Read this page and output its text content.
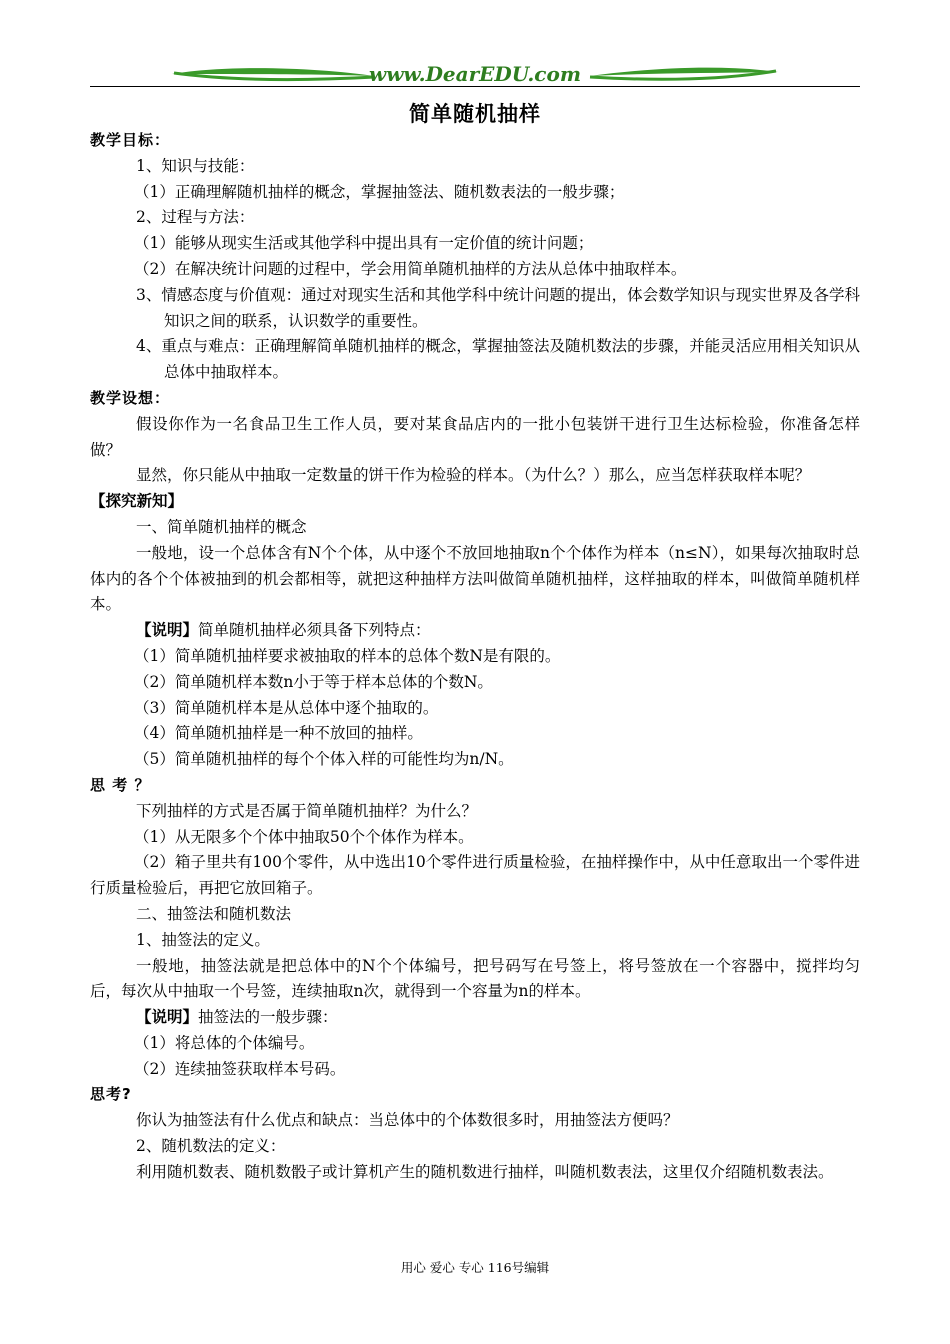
www.DearEDU.com
简单随机抽样

教学目标：

1、知识与技能：

（1）正确理解随机抽样的概念，掌握抽签法、随机数表法的一般步骤；

2、过程与方法：

（1）能够从现实生活或其他学科中提出具有一定价值的统计问题；

（2）在解决统计问题的过程中，学会用简单随机抽样的方法从总体中抽取样本。

3、情感态度与价值观：通过对现实生活和其他学科中统计问题的提出，体会数学知识与现实世界及各学科知识之间的联系，认识数学的重要性。

4、重点与难点：正确理解简单随机抽样的概念，掌握抽签法及随机数法的步骤，并能灵活应用相关知识从总体中抽取样本。

教学设想：

假设你作为一名食品卫生工作人员，要对某食品店内的一批小包装饼干进行卫生达标检验，你准备怎样做？

显然，你只能从中抽取一定数量的饼干作为检验的样本。（为什么？）那么，应当怎样获取样本呢？

【探究新知】

一、简单随机抽样的概念

一般地，设一个总体含有N个个体，从中逐个不放回地抽取n个个体作为样本（n≤N），如果每次抽取时总体内的各个个体被抽到的机会都相等，就把这种抽样方法叫做简单随机抽样，这样抽取的样本，叫做简单随机样本。

【说明】简单随机抽样必须具备下列特点：

（1）简单随机抽样要求被抽取的样本的总体个数N是有限的。

（2）简单随机样本数n小于等于样本总体的个数N。

（3）简单随机样本是从总体中逐个抽取的。

（4）简单随机抽样是一种不放回的抽样。

（5）简单随机抽样的每个个体入样的可能性均为n/N。

思 考 ？

下列抽样的方式是否属于简单随机抽样？为什么？

（1）从无限多个个体中抽取50个个体作为样本。

（2）箱子里共有100个零件，从中选出10个零件进行质量检验，在抽样操作中，从中任意取出一个零件进行质量检验后，再把它放回箱子。

二、抽签法和随机数法

1、抽签法的定义。

一般地，抽签法就是把总体中的N个个体编号，把号码写在号签上，将号签放在一个容器中，搅拌均匀后，每次从中抽取一个号签，连续抽取n次，就得到一个容量为n的样本。

【说明】抽签法的一般步骤：

（1）将总体的个体编号。

（2）连续抽签获取样本号码。

思考?

你认为抽签法有什么优点和缺点：当总体中的个体数很多时，用抽签法方便吗？

2、随机数法的定义：

利用随机数表、随机数骰子或计算机产生的随机数进行抽样，叫随机数表法，这里仅介绍随机数表法。

用心 爱心 专心 116号编辑
